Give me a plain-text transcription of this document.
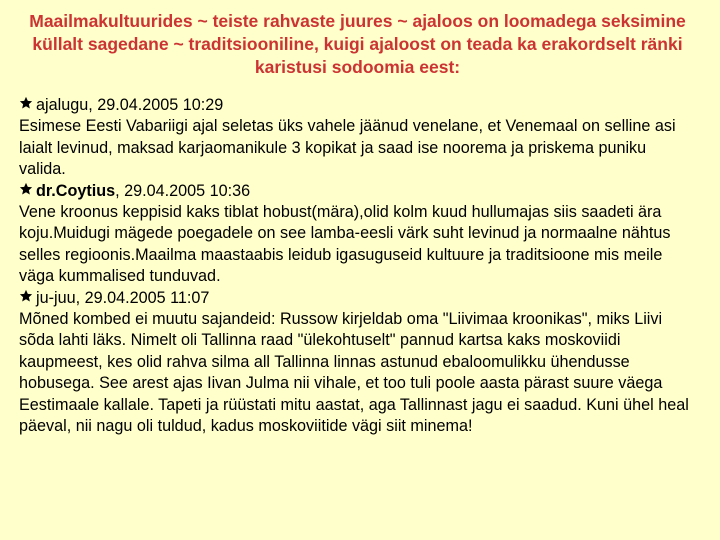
Maailmakultuurides ~ teiste rahvaste juures ~ ajaloos on loomadega seksimine küllalt sagedane ~ traditsiooniline, kuigi ajaloost on teada ka erakordselt ränki karistusi sodoomia eest:
ajalugu, 29.04.2005 10:29
Esimese Eesti Vabariigi ajal seletas üks vahele jäänud venelane, et Venemaal on selline asi laialt levinud, maksad karjaomanikule 3 kopikat ja saad ise noorema ja priskema puniku valida.
dr.Coytius, 29.04.2005 10:36
Vene kroonus keppisid kaks tiblat hobust(mära),olid kolm kuud hullumajas siis saadeti ära koju.Muidugi mägede poegadele on see lamba-eesli värk suht levinud ja normaalne nähtus selles regioonis.Maailma maastaabis leidub igasuguseid kultuure ja traditsioone mis meile väga kummalised tunduvad.
ju-juu, 29.04.2005 11:07
Mõned kombed ei muutu sajandeid: Russow kirjeldab oma "Liivimaa kroonikas", miks Liivi sõda lahti läks. Nimelt oli Tallinna raad "ülekohtuselt" pannud kartsa kaks moskoviidi kaupmeest, kes olid rahva silma all Tallinna linnas astunud ebaloomulikku ühendusse hobusega. See arest ajas Iivan Julma nii vihale, et too tuli poole aasta pärast suure väega Eestimaale kallale. Tapeti ja rüüstati mitu aastat, aga Tallinnast jagu ei saadud. Kuni ühel heal päeval, nii nagu oli tuldud, kadus moskoviitide vägi siit minema!
